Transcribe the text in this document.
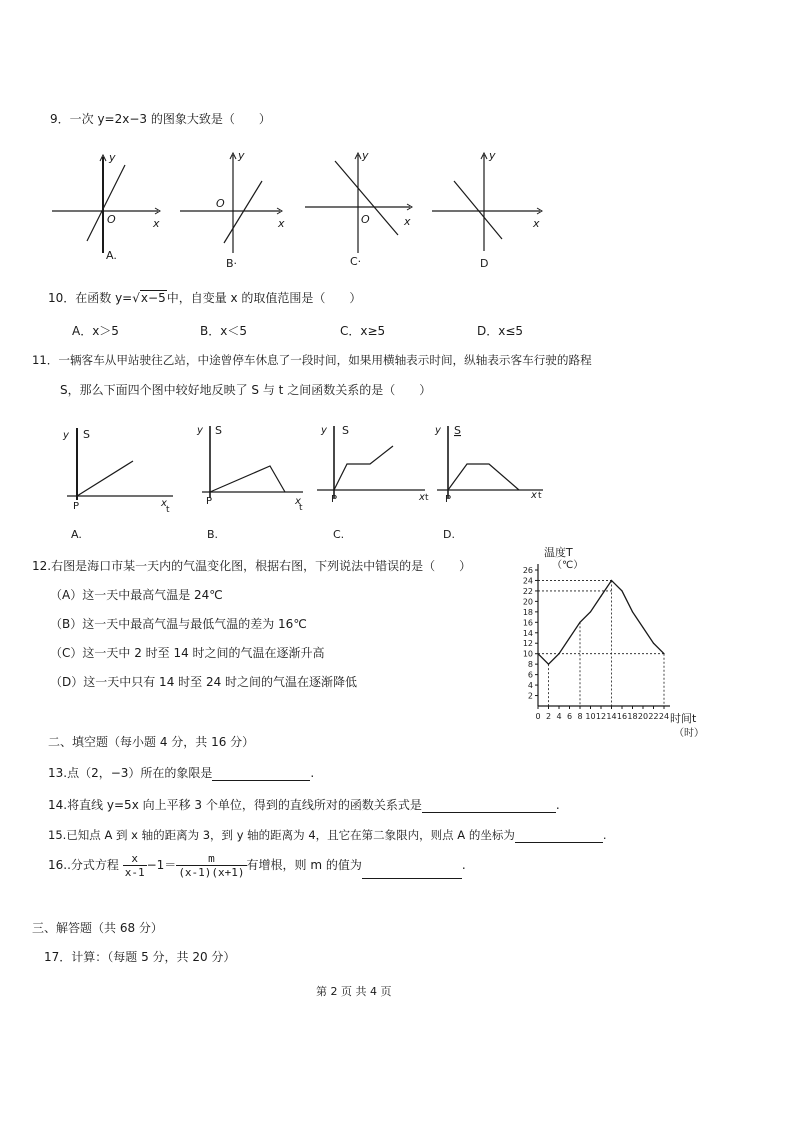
9．一次 y=2x−3 的图象大致是（　　）
y
O	x
A.
y
O
x
B·
y
O	x
C·
y
x
D
10．在函数 y=√x−5中，自变量 x 的取值范围是（　　）
A．x＞5	B．x＜5	C．x≥5	D．x≤5
11．一辆客车从甲站驶往乙站，中途曾停车休息了一段时间，如果用横轴表示时间，纵轴表示客车行驶的路程
S，那么下面四个图中较好地反映了 S 与 t 之间函数关系的是（　　）
y S
P	x
t
A.
y S
P	x
t
B.
y S
P	x t
C.
y S
P	x t
D.
12.右图是海口市某一天内的气温变化图，根据右图，下列说法中错误的是（　　）
（A）这一天中最高气温是 24℃
（B）这一天中最高气温与最低气温的差为 16℃
（C）这一天中 2 时至 14 时之间的气温在逐渐升高
（D）这一天中只有 14 时至 24 时之间的气温在逐渐降低
温度T
（℃）
时间t
（时）
2
4
6
8
10
12
14
16
18
20
22
24
26
0 2 4 6 8 10 12 14 16 18 20 22 24
二、填空题（每小题 4 分，共 16 分）
13.点（2，−3）所在的象限是	.
14.将直线 y=5x 向上平移 3 个单位，得到的直线所对的函数关系式是	.
15.已知点 A 到 x 轴的距离为 3，到 y 轴的距离为 4，且它在第二象限内，则点 A 的坐标为	.
16..分式方程 $\frac{x}{x-1} -1= \frac{m}{(x-1)(x+1)}$ 有增根，则 m 的值为	.
三、解答题（共 68 分）
17．计算：（每题 5 分，共 20 分）
第 2 页 共 4 页
